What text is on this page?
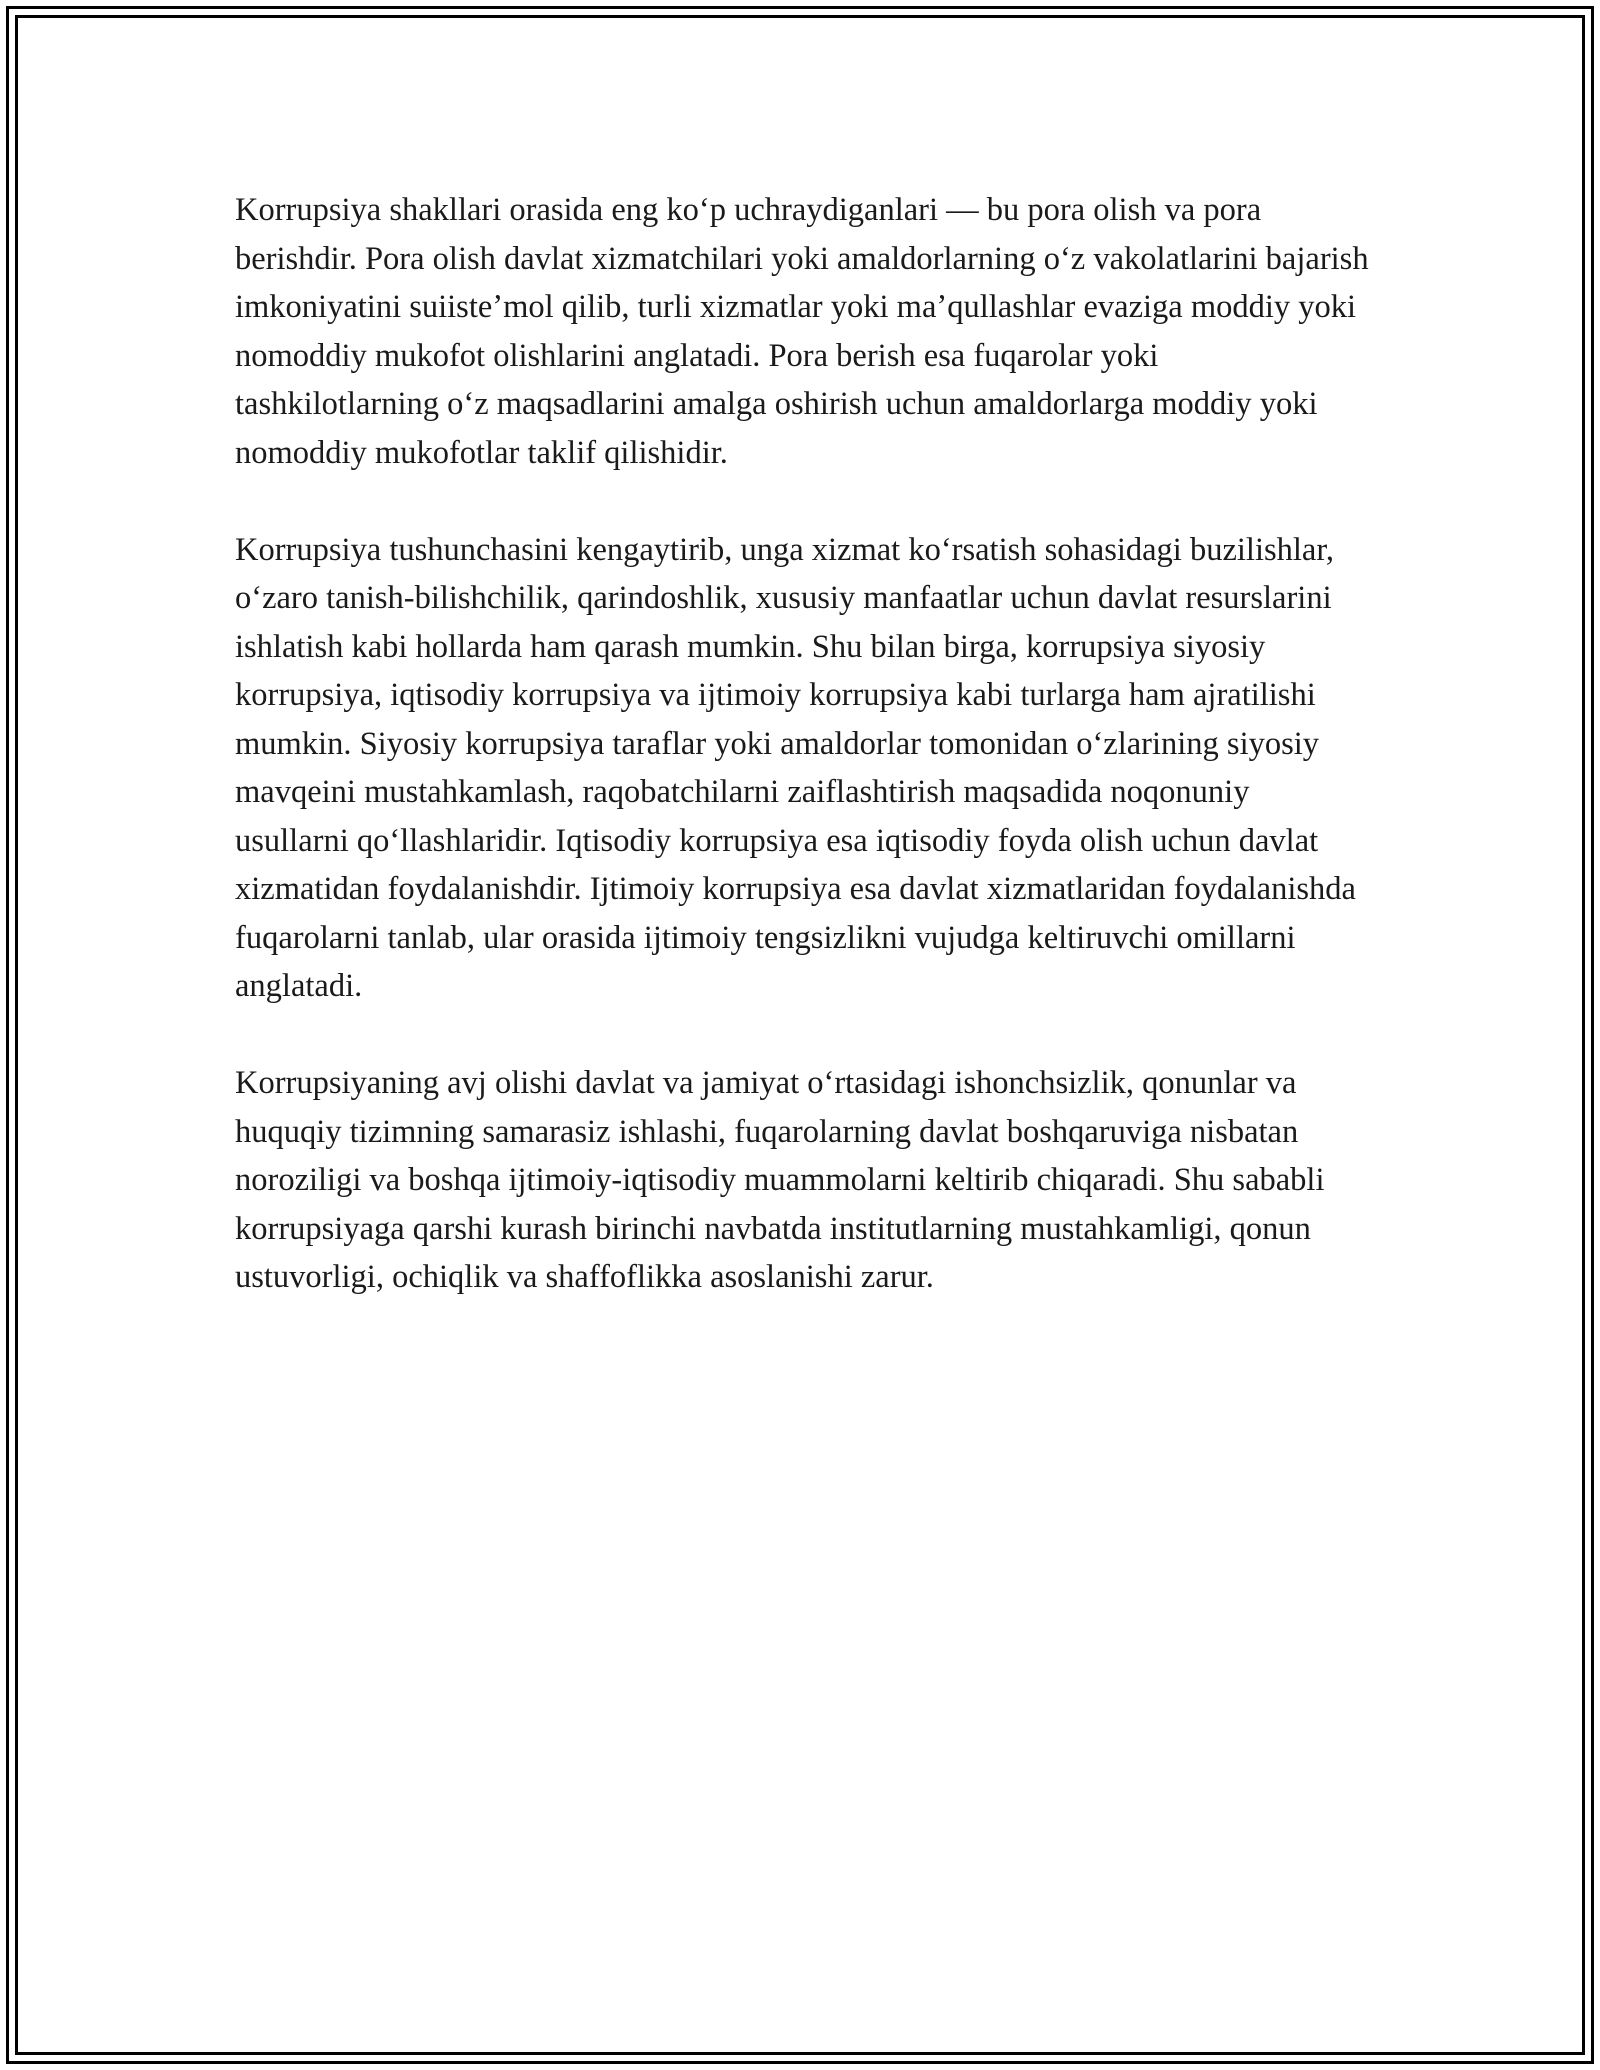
Korrupsiya shakllari orasida eng koʻp uchraydiganlari — bu pora olish va pora berishdir. Pora olish davlat xizmatchilari yoki amaldorlarning oʻz vakolatlarini bajarish imkoniyatini suiisteʼmol qilib, turli xizmatlar yoki maʼqullashlar evaziga moddiy yoki nomoddiy mukofot olishlarini anglatadi. Pora berish esa fuqarolar yoki tashkilotlarning oʻz maqsadlarini amalga oshirish uchun amaldorlarga moddiy yoki nomoddiy mukofotlar taklif qilishidir.

Korrupsiya tushunchasini kengaytirib, unga xizmat koʻrsatish sohasidagi buzilishlar, oʻzaro tanish-bilishchilik, qarindoshlik, xususiy manfaatlar uchun davlat resurslarini ishlatish kabi hollarda ham qarash mumkin. Shu bilan birga, korrupsiya siyosiy korrupsiya, iqtisodiy korrupsiya va ijtimoiy korrupsiya kabi turlarga ham ajratilishi mumkin. Siyosiy korrupsiya taraflar yoki amaldorlar tomonidan oʻzlarining siyosiy mavqeini mustahkamlash, raqobatchilarni zaiflashtirish maqsadida noqonuniy usullarni qoʻllashlaridir. Iqtisodiy korrupsiya esa iqtisodiy foyda olish uchun davlat xizmatidan foydalanishdir. Ijtimoiy korrupsiya esa davlat xizmatlaridan foydalanishda fuqarolarni tanlab, ular orasida ijtimoiy tengsizlikni vujudga keltiruvchi omillarni anglatadi.

Korrupsiyaning avj olishi davlat va jamiyat oʻrtasidagi ishonchsizlik, qonunlar va huquqiy tizimning samarasiz ishlashi, fuqarolarning davlat boshqaruviga nisbatan noroziligi va boshqa ijtimoiy-iqtisodiy muammolarni keltirib chiqaradi. Shu sababli korrupsiyaga qarshi kurash birinchi navbatda institutlarning mustahkamligi, qonun ustuvorligi, ochiqlik va shaffoflikka asoslanishi zarur.
